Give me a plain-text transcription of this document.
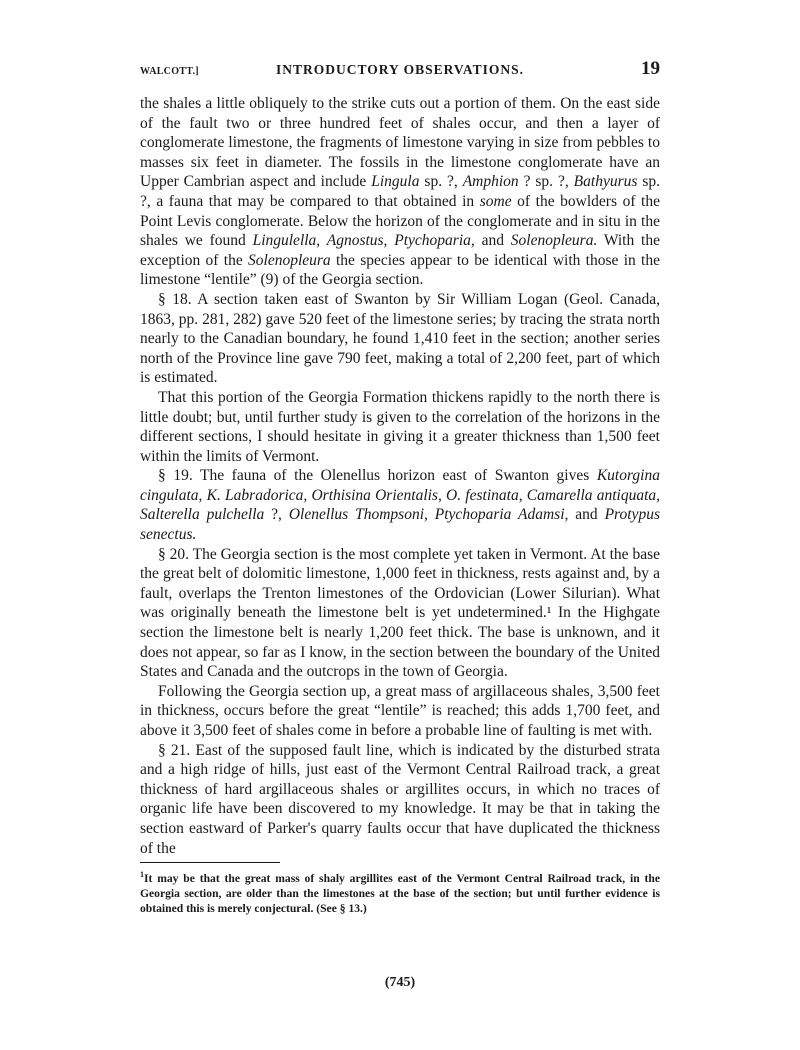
WALCOTT.]	INTRODUCTORY OBSERVATIONS.	19

the shales a little obliquely to the strike cuts out a portion of them. On the east side of the fault two or three hundred feet of shales occur, and then a layer of conglomerate limestone, the fragments of limestone varying in size from pebbles to masses six feet in diameter. The fossils in the limestone conglomerate have an Upper Cambrian aspect and include Lingula sp. ?, Amphion ? sp. ?, Bathyurus sp. ?, a fauna that may be compared to that obtained in some of the bowlders of the Point Levis conglomerate. Below the horizon of the conglomerate and in situ in the shales we found Lingulella, Agnostus, Ptychoparia, and Solenopleura. With the exception of the Solenopleura the species appear to be identical with those in the limestone “lentile” (9) of the Georgia section.

§ 18. A section taken east of Swanton by Sir William Logan (Geol. Canada, 1863, pp. 281, 282) gave 520 feet of the limestone series; by tracing the strata north nearly to the Canadian boundary, he found 1,410 feet in the section; another series north of the Province line gave 790 feet, making a total of 2,200 feet, part of which is estimated.

That this portion of the Georgia Formation thickens rapidly to the north there is little doubt; but, until further study is given to the correlation of the horizons in the different sections, I should hesitate in giving it a greater thickness than 1,500 feet within the limits of Vermont.

§ 19. The fauna of the Olenellus horizon east of Swanton gives Kutorgina cingulata, K. Labradorica, Orthisina Orientalis, O. festinata, Camarella antiquata, Salterella pulchella ?, Olenellus Thompsoni, Ptychoparia Adamsi, and Protypus senectus.

§ 20. The Georgia section is the most complete yet taken in Vermont. At the base the great belt of dolomitic limestone, 1,000 feet in thickness, rests against and, by a fault, overlaps the Trenton limestones of the Ordovician (Lower Silurian). What was originally beneath the limestone belt is yet undetermined.¹ In the Highgate section the limestone belt is nearly 1,200 feet thick. The base is unknown, and it does not appear, so far as I know, in the section between the boundary of the United States and Canada and the outcrops in the town of Georgia.

Following the Georgia section up, a great mass of argillaceous shales, 3,500 feet in thickness, occurs before the great “lentile” is reached; this adds 1,700 feet, and above it 3,500 feet of shales come in before a probable line of faulting is met with.

§ 21. East of the supposed fault line, which is indicated by the disturbed strata and a high ridge of hills, just east of the Vermont Central Railroad track, a great thickness of hard argillaceous shales or argillites occurs, in which no traces of organic life have been discovered to my knowledge. It may be that in taking the section eastward of Parker's quarry faults occur that have duplicated the thickness of the

$^1$It may be that the great mass of shaly argillites east of the Vermont Central Railroad track, in the Georgia section, are older than the limestones at the base of the section; but until further evidence is obtained this is merely conjectural. (See § 13.)

(745)
